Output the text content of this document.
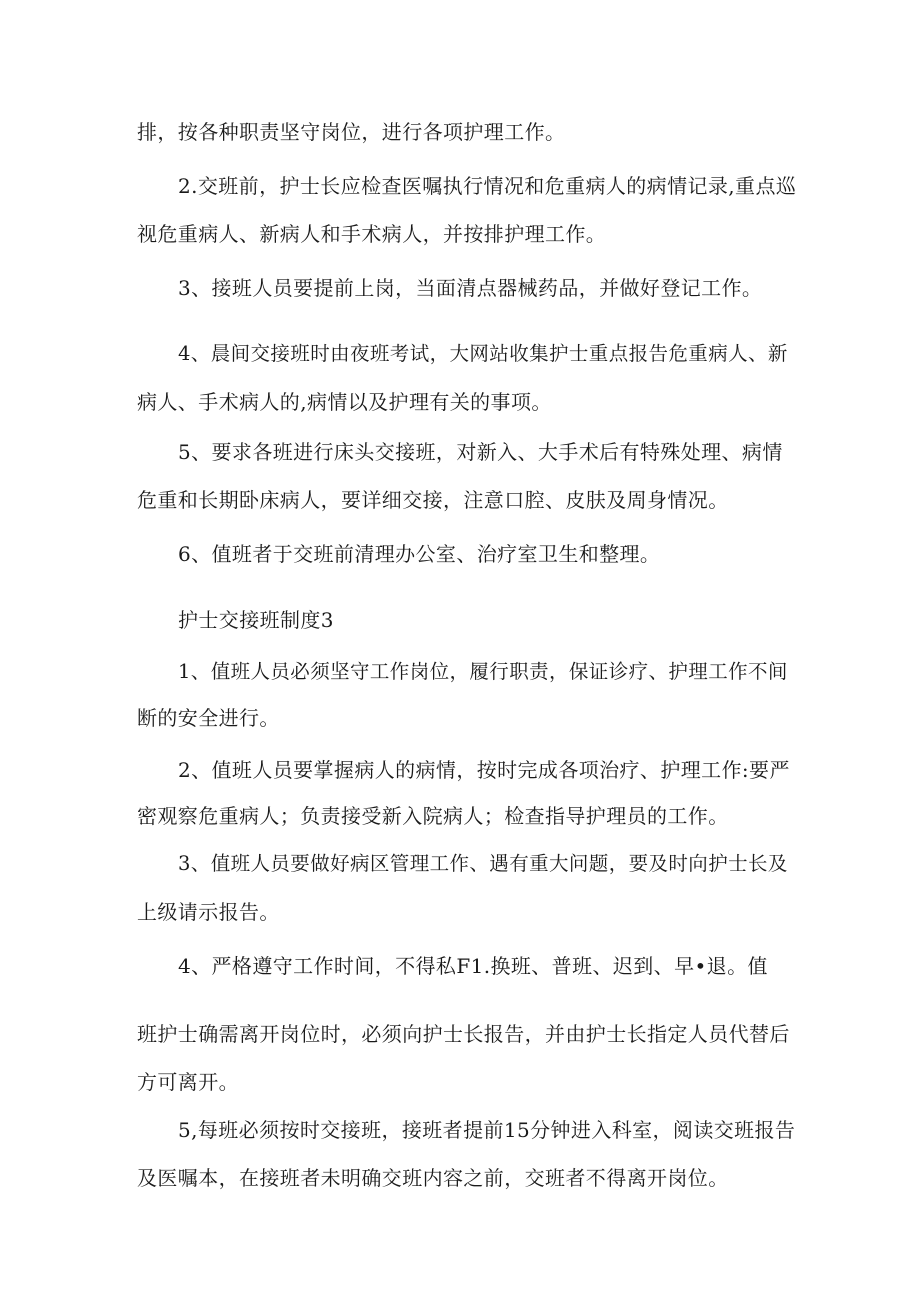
排，按各种职责坚守岗位，进行各项护理工作。
2.交班前，护士长应检查医嘱执行情况和危重病人的病情记录,重点巡
视危重病人、新病人和手术病人，并按排护理工作。
3、接班人员要提前上岗，当面清点器械药品，并做好登记工作。
4、晨间交接班时由夜班考试，大网站收集护士重点报告危重病人、新
病人、手术病人的,病情以及护理有关的事项。
5、要求各班进行床头交接班，对新入、大手术后有特殊处理、病情
危重和长期卧床病人，要详细交接，注意口腔、皮肤及周身情况。
6、值班者于交班前清理办公室、治疗室卫生和整理。
护士交接班制度3
1、值班人员必须坚守工作岗位，履行职责，保证诊疗、护理工作不间
断的安全进行。
2、值班人员要掌握病人的病情，按时完成各项治疗、护理工作:要严
密观察危重病人；负责接受新入院病人；检查指导护理员的工作。
3、值班人员要做好病区管理工作、遇有重大问题，要及时向护士长及
上级请示报告。
4、严格遵守工作时间，不得私F1.换班、普班、迟到、早•退。值
班护士确需离开岗位时，必须向护士长报告，并由护士长指定人员代替后
方可离开。
5,每班必须按时交接班，接班者提前15分钟进入科室，阅读交班报告
及医嘱本，在接班者未明确交班内容之前，交班者不得离开岗位。
